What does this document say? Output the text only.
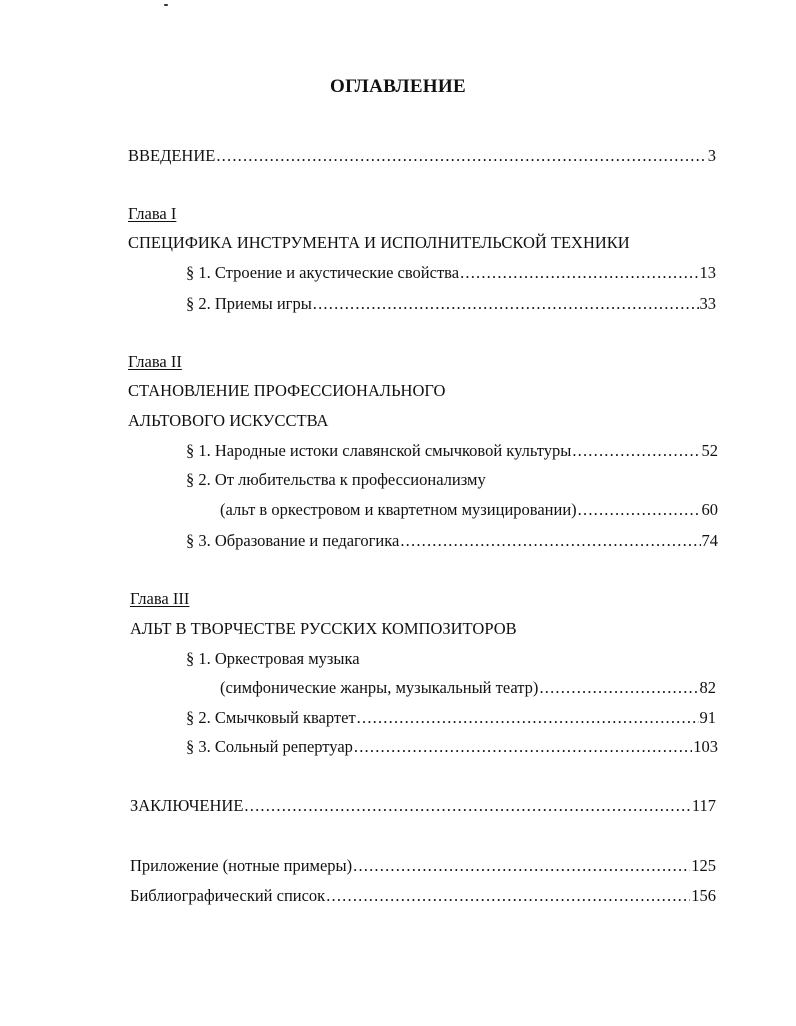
ОГЛАВЛЕНИЕ
ВВЕДЕНИЕ .....	3
Глава I
СПЕЦИФИКА ИНСТРУМЕНТА И ИСПОЛНИТЕЛЬСКОЙ ТЕХНИКИ
§ 1. Строение и акустические свойства .....	13
§ 2. Приемы игры .....	33
Глава II
СТАНОВЛЕНИЕ ПРОФЕССИОНАЛЬНОГО
АЛЬТОВОГО ИСКУССТВА
§ 1. Народные истоки славянской смычковой культуры .....	52
§ 2. От любительства к профессионализму
(альт в оркестровом и квартетном музицировании) .....	60
§ 3. Образование и педагогика .....	74
Глава III
АЛЬТ В ТВОРЧЕСТВЕ РУССКИХ КОМПОЗИТОРОВ
§ 1. Оркестровая музыка
(симфонические жанры, музыкальный театр) .....	82
§ 2. Смычковый квартет .....	91
§ 3. Сольный репертуар .....	103
ЗАКЛЮЧЕНИЕ .....	117
Приложение (нотные примеры) .....	125
Библиографический список .....	156
